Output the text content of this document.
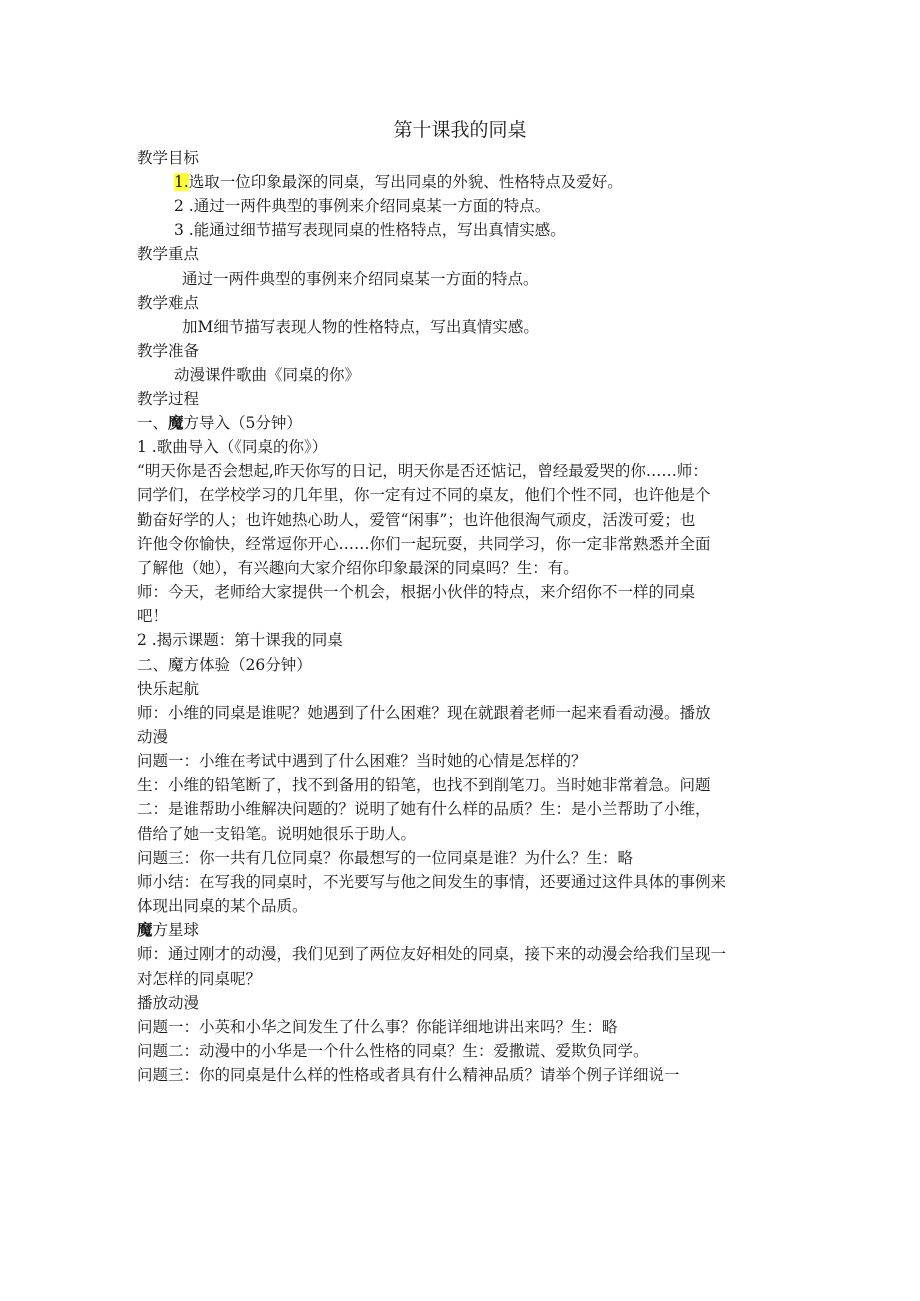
第十课我的同桌
教学目标
1.选取一位印象最深的同桌，写出同桌的外貌、性格特点及爱好。
2 .通过一两件典型的事例来介绍同桌某一方面的特点。
3 .能通过细节描写表现同桌的性格特点，写出真情实感。
教学重点
通过一两件典型的事例来介绍同桌某一方面的特点。
教学难点
加M细节描写表现人物的性格特点，写出真情实感。
教学准备
动漫课件歌曲《同桌的你》
教学过程
一、魔方导入（5分钟）
1 .歌曲导入（《同桌的你》）
“明天你是否会想起,昨天你写的日记，明天你是否还惦记，曾经最爱哭的你……师：
同学们，在学校学习的几年里，你一定有过不同的桌友，他们个性不同，也许他是个
勤奋好学的人；也许她热心助人，爱管“闲事”；也许他很淘气顽皮，活泼可爱；也
许他令你愉快，经常逗你开心……你们一起玩耍，共同学习，你一定非常熟悉并全面
了解他（她），有兴趣向大家介绍你印象最深的同桌吗？生：有。
师：今天，老师给大家提供一个机会，根据小伙伴的特点，来介绍你不一样的同桌
吧！
2 .揭示课题：第十课我的同桌
二、魔方体验（26分钟）
快乐起航
师：小维的同桌是谁呢？她遇到了什么困难？现在就跟着老师一起来看看动漫。播放
动漫
问题一：小维在考试中遇到了什么困难？当时她的心情是怎样的？
生：小维的铅笔断了，找不到备用的铅笔，也找不到削笔刀。当时她非常着急。问题
二：是谁帮助小维解决问题的？说明了她有什么样的品质？生：是小兰帮助了小维，
借给了她一支铅笔。说明她很乐于助人。
问题三：你一共有几位同桌？你最想写的一位同桌是谁？为什么？生：略
师小结：在写我的同桌时，不光要写与他之间发生的事情，还要通过这件具体的事例来
体现出同桌的某个品质。
魔方星球
师：通过刚才的动漫，我们见到了两位友好相处的同桌，接下来的动漫会给我们呈现一
对怎样的同桌呢？
播放动漫
问题一：小英和小华之间发生了什么事？你能详细地讲出来吗？生：略
问题二：动漫中的小华是一个什么性格的同桌？生：爱撒谎、爱欺负同学。
问题三：你的同桌是什么样的性格或者具有什么精神品质？请举个例子详细说一
